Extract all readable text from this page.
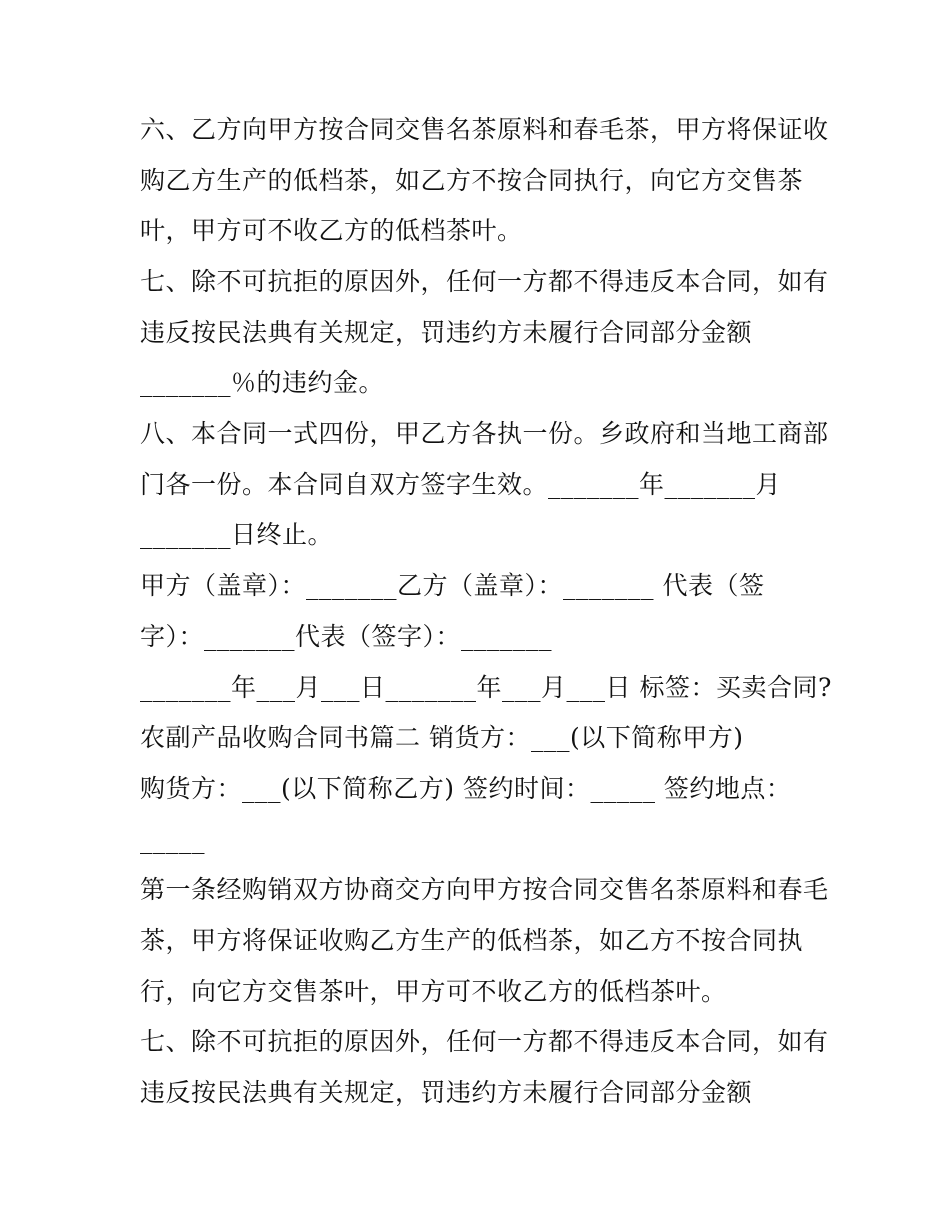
六、乙方向甲方按合同交售名茶原料和春毛茶，甲方将保证收
购乙方生产的低档茶，如乙方不按合同执行，向它方交售茶
叶，甲方可不收乙方的低档茶叶。
七、除不可抗拒的原因外，任何一方都不得违反本合同，如有
违反按民法典有关规定，罚违约方未履行合同部分金额
_______％的违约金。
八、本合同一式四份，甲乙方各执一份。乡政府和当地工商部
门各一份。本合同自双方签字生效。_______年_______月
_______日终止。
甲方（盖章）：_______乙方（盖章）：_______ 代表（签
字）：_______代表（签字）：_______
_______年___月___日_______年___月___日 标签：买卖合同?
农副产品收购合同书篇二 销货方：___(以下简称甲方)
购货方：___(以下简称乙方) 签约时间：_____ 签约地点：
_____
第一条经购销双方协商交方向甲方按合同交售名茶原料和春毛
茶，甲方将保证收购乙方生产的低档茶，如乙方不按合同执
行，向它方交售茶叶，甲方可不收乙方的低档茶叶。
七、除不可抗拒的原因外，任何一方都不得违反本合同，如有
违反按民法典有关规定，罚违约方未履行合同部分金额
